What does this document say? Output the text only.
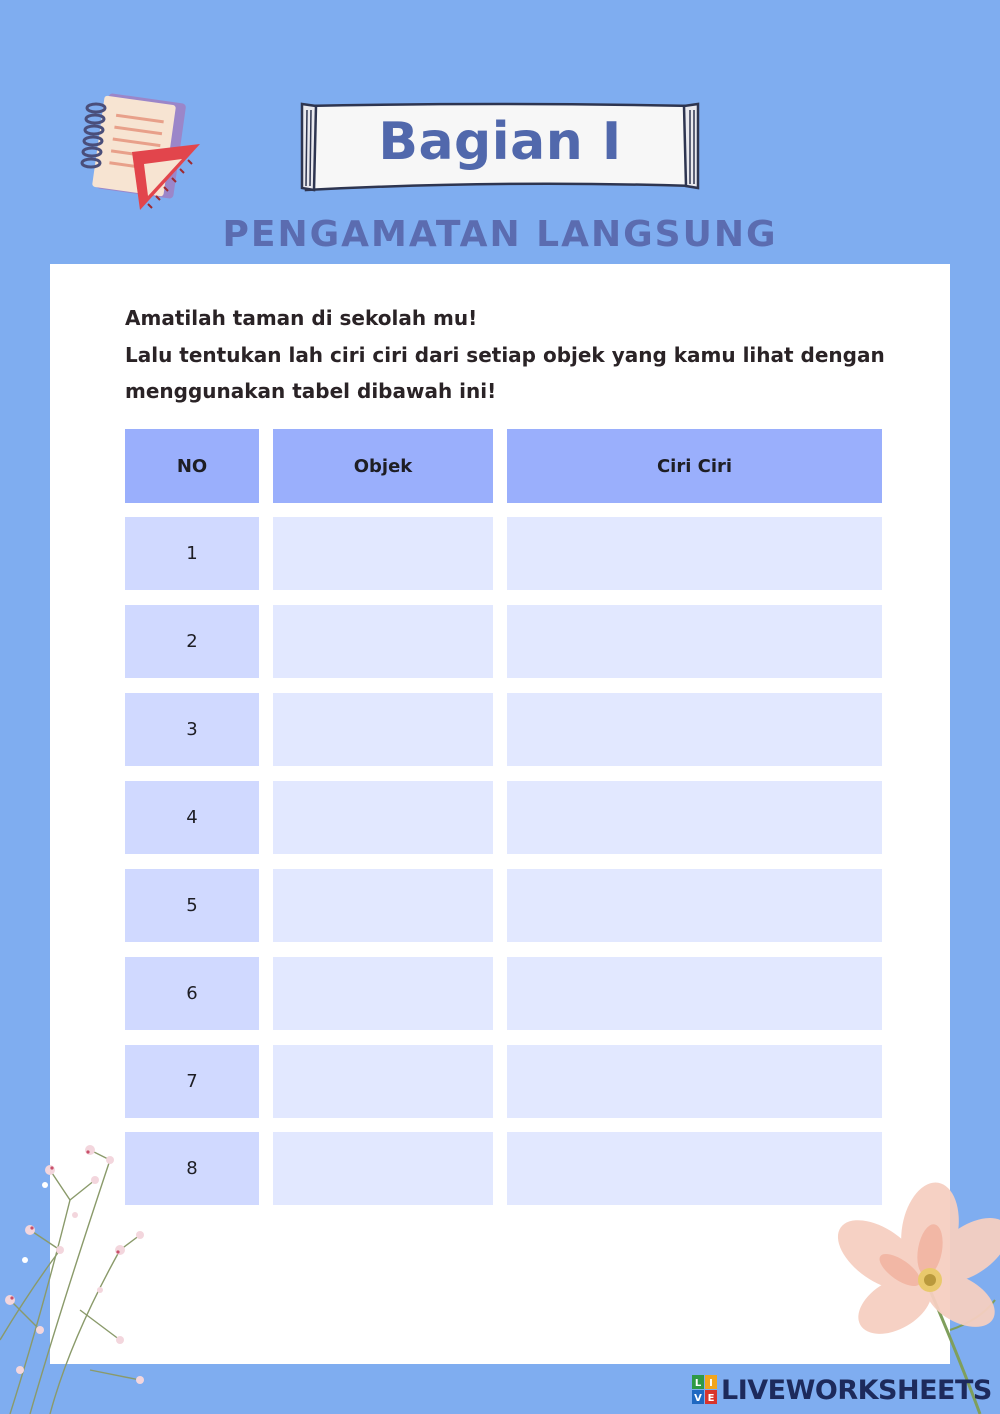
Bagian I
PENGAMATAN LANGSUNG
Amatilah taman di sekolah mu!
Lalu tentukan lah ciri ciri dari setiap objek yang kamu lihat dengan
menggunakan tabel dibawah ini!
NO	Objek	Ciri Ciri
1
2
3
4
5
6
7
8
L I
V E LIVEWORKSHEETS
